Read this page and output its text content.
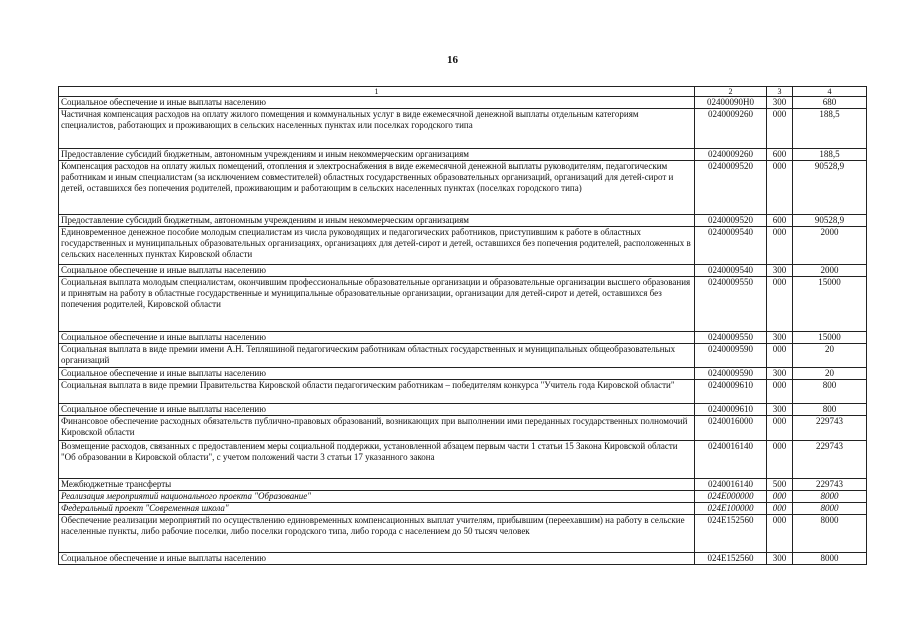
16
1	2	3	4
Социальное обеспечение и иные выплаты населению	02400090Н0	300	680
Частичная компенсация расходов на оплату жилого помещения и коммунальных услуг в виде ежемесячной денежной выплаты отдельным категориям специалистов, работающих и проживающих в сельских населенных пунктах или поселках городского типа	0240009260	000	188,5
Предоставление субсидий бюджетным, автономным учреждениям и иным некоммерческим организациям	0240009260	600	188,5
Компенсация расходов на оплату жилых помещений, отопления и электроснабжения в виде ежемесячной денежной выплаты руководителям, педагогическим работникам и иным специалистам (за исключением совместителей) областных государственных образовательных организаций, организаций для детей-сирот и детей, оставшихся без попечения родителей, проживающим и работающим в сельских населенных пунктах (поселках городского типа)	0240009520	000	90528,9
Предоставление субсидий бюджетным, автономным учреждениям и иным некоммерческим организациям	0240009520	600	90528,9
Единовременное денежное пособие молодым специалистам из числа руководящих и педагогических работников, приступившим к работе в областных государственных и муниципальных образовательных организациях, организациях для детей-сирот и детей, оставшихся без попечения родителей, расположенных в сельских населенных пунктах Кировской области	0240009540	000	2000
Социальное обеспечение и иные выплаты населению	0240009540	300	2000
Социальная выплата молодым специалистам, окончившим профессиональные образовательные организации и образовательные организации высшего образования и принятым на работу в областные государственные и муниципальные образовательные организации, организации для детей-сирот и детей, оставшихся без попечения родителей, Кировской области	0240009550	000	15000
Социальное обеспечение и иные выплаты населению	0240009550	300	15000
Социальная выплата в виде премии имени А.Н. Тепляшиной педагогическим работникам областных государственных и муниципальных общеобразовательных организаций	0240009590	000	20
Социальное обеспечение и иные выплаты населению	0240009590	300	20
Социальная выплата в виде премии Правительства Кировской области педагогическим работникам – победителям конкурса "Учитель года Кировской области"	0240009610	000	800
Социальное обеспечение и иные выплаты населению	0240009610	300	800
Финансовое обеспечение расходных обязательств публично-правовых образований, возникающих при выполнении ими переданных государственных полномочий Кировской области	0240016000	000	229743
Возмещение расходов, связанных с предоставлением меры социальной поддержки, установленной абзацем первым части 1 статьи 15 Закона Кировской области "Об образовании в Кировской области", с учетом положений части 3 статьи 17 указанного закона	0240016140	000	229743
Межбюджетные трансферты	0240016140	500	229743
Реализация мероприятий национального проекта "Образование"	024E000000	000	8000
Федеральный проект "Современная школа"	024E100000	000	8000
Обеспечение реализации мероприятий по осуществлению единовременных компенсационных выплат учителям, прибывшим (переехавшим) на работу в сельские населенные пункты, либо рабочие поселки, либо поселки городского типа, либо города с населением до 50 тысяч человек	024E152560	000	8000
Социальное обеспечение и иные выплаты населению	024E152560	300	8000
